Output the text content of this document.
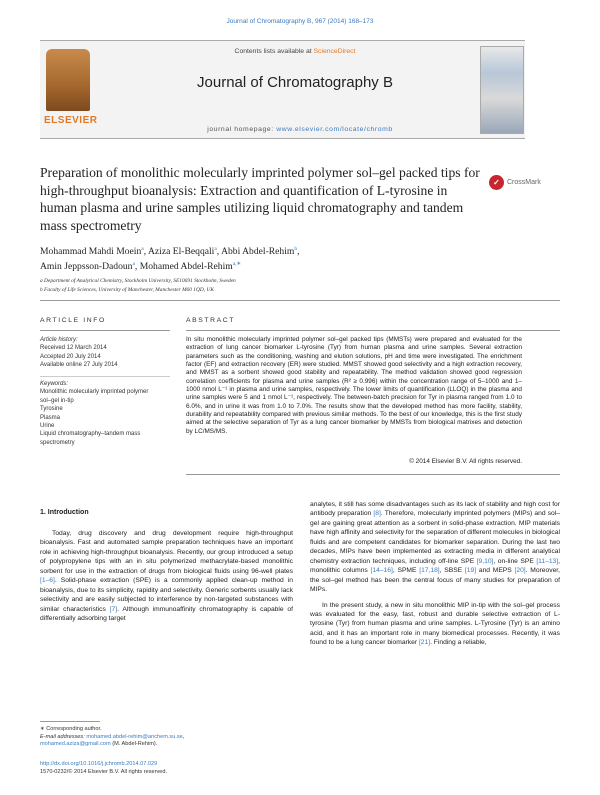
Journal of Chromatography B, 967 (2014) 168–173
ELSEVIER
Contents lists available at ScienceDirect
Journal of Chromatography B
journal homepage: www.elsevier.com/locate/chromb
Preparation of monolithic molecularly imprinted polymer sol–gel packed tips for high-throughput bioanalysis: Extraction and quantification of L-tyrosine in human plasma and urine samples utilizing liquid chromatography and tandem mass spectrometry
✓	CrossMark
Mohammad Mahdi Moein$^a$, Aziza El-Beqqali$^a$, Abbi Abdel-Rehim$^b$,
Amin Jeppsson-Dadoun$^a$, Mohamed Abdel-Rehim$^{a,∗}$
a Department of Analytical Chemistry, Stockholm University, SE10691 Stockholm, Sweden
b Faculty of Life Sciences, University of Manchester, Manchester M60 1QD, UK
ARTICLE INFO	ABSTRACT
Article history:
Received 12 March 2014
Accepted 20 July 2014
Available online 27 July 2014
Keywords:
Monolithic molecularly imprinted polymer
sol–gel in-tip
Tyrosine
Plasma
Urine
Liquid chromatography–tandem mass
spectrometry
In situ monolithic molecularly imprinted polymer sol–gel packed tips (MMSTs) were prepared and evaluated for the extraction of lung cancer biomarker L-tyrosine (Tyr) from human plasma and urine samples. Several extraction parameters such as the conditioning, washing and elution solutions, pH and time were investigated. The enrichment factor (EF) and extraction recovery (ER) were studied. MMST showed good selectivity and a high extraction recovery, and MMST as a sorbent showed good stability and repeatability. The method validation showed good regression correlation coefficients for plasma and urine samples (R² ≥ 0.996) within the concentration range of 5–1000 and 1–1000 nmol L⁻¹ in plasma and urine samples, respectively. The lower limits of quantification (LLOQ) in the plasma and urine samples were 5 and 1 nmol L⁻¹, respectively. The between-batch precision for Tyr in plasma ranged from 1.0 to 6.0%, and in urine it was from 1.0 to 7.0%. The results show that the developed method has more facility, stability, durability and repeatability compared with previous similar methods. To the best of our knowledge, this is the first study aimed at the selective separation of Tyr as a lung cancer biomarker by MMSTs from biological matrixes and detection by LC/MS/MS.
© 2014 Elsevier B.V. All rights reserved.
1. Introduction

Today, drug discovery and drug development require high-throughput bioanalysis. Fast and automated sample preparation techniques have an important role in achieving high-throughput bioanalysis. Recently, our group introduced a setup of polypropylene tips with an in situ polymerized methacrylate-based monolithic sorbent for use in the extraction of drugs from biological fluids using 96-well plates [1–6]. Solid-phase extraction (SPE) is a commonly applied clean-up method in bioanalysis, due to its simplicity, rapidity and selectivity. Generic sorbents usually lack selectivity and are easily subjected to interference by non-targeted substances with similar characteristics [7]. Although immunoaffinity chromatography is capable of differentially adsorbing target

analytes, it still has some disadvantages such as its lack of stability and high cost for antibody preparation [8]. Therefore, molecularly imprinted polymers (MIPs) and sol–gel are gaining great attention as a sorbent in solid-phase extraction. MIP materials have high affinity and selectivity for the separation of different molecules in biological fluids and are competent candidates for biomarker separation. During the last two decades, MIPs have been implemented as extracting media in different analytical chemistry extraction techniques, including off-line SPE [9,10], on-line SPE [11–13], monolithic columns [14–16], SPME [17,18], SBSE [19] and MEPS [20]. Moreover, the sol–gel method has been the central focus of many studies for preparation of MIPs.

In the present study, a new in situ monolithic MIP in-tip with the sol–gel process was evaluated for the easy, fast, robust and durable selective extraction of L-tyrosine (Tyr) from human plasma and urine samples. L-Tyrosine (Tyr) is an amino acid, and it has an important role in many biomedical processes. Recently, it was found to be a lung cancer biomarker [21]. Finding a reliable,

∗ Corresponding author.
E-mail addresses: mohamed.abdel-rehim@anchem.su.se,
mohamed.aziza@gmail.com (M. Abdel-Rehim).
http://dx.doi.org/10.1016/j.jchromb.2014.07.029
1570-0232/© 2014 Elsevier B.V. All rights reserved.
